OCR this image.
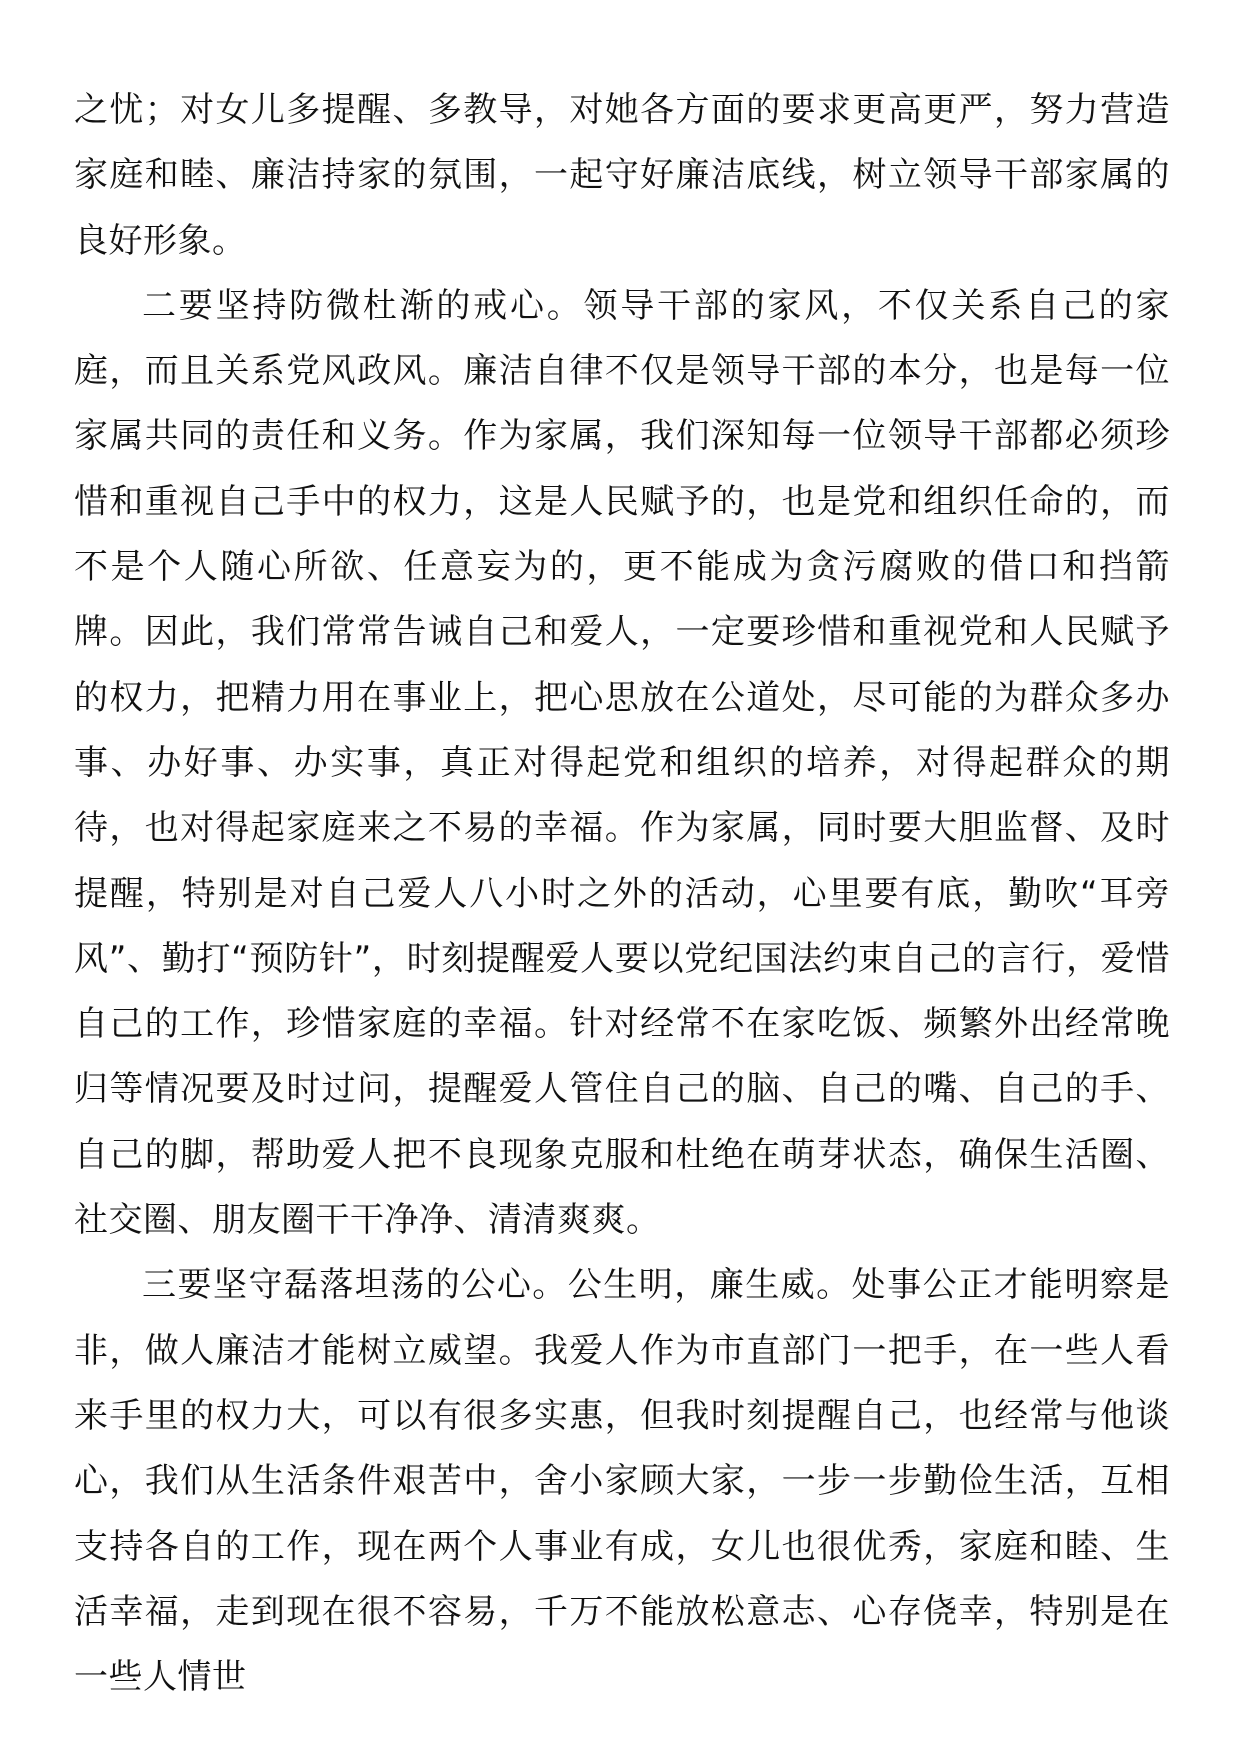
之忧；对女儿多提醒、多教导，对她各方面的要求更高更严，努力营造家庭和睦、廉洁持家的氛围，一起守好廉洁底线，树立领导干部家属的良好形象。

二要坚持防微杜渐的戒心。领导干部的家风，不仅关系自己的家庭，而且关系党风政风。廉洁自律不仅是领导干部的本分，也是每一位家属共同的责任和义务。作为家属，我们深知每一位领导干部都必须珍惜和重视自己手中的权力，这是人民赋予的，也是党和组织任命的，而不是个人随心所欲、任意妄为的，更不能成为贪污腐败的借口和挡箭牌。因此，我们常常告诫自己和爱人，一定要珍惜和重视党和人民赋予的权力，把精力用在事业上，把心思放在公道处，尽可能的为群众多办事、办好事、办实事，真正对得起党和组织的培养，对得起群众的期待，也对得起家庭来之不易的幸福。作为家属，同时要大胆监督、及时提醒，特别是对自己爱人八小时之外的活动，心里要有底，勤吹“耳旁风”、勤打“预防针”，时刻提醒爱人要以党纪国法约束自己的言行，爱惜自己的工作，珍惜家庭的幸福。针对经常不在家吃饭、频繁外出经常晚归等情况要及时过问，提醒爱人管住自己的脑、自己的嘴、自己的手、自己的脚，帮助爱人把不良现象克服和杜绝在萌芽状态，确保生活圈、社交圈、朋友圈干干净净、清清爽爽。

三要坚守磊落坦荡的公心。公生明，廉生威。处事公正才能明察是非，做人廉洁才能树立威望。我爱人作为市直部门一把手，在一些人看来手里的权力大，可以有很多实惠，但我时刻提醒自己，也经常与他谈心，我们从生活条件艰苦中，舍小家顾大家，一步一步勤俭生活，互相支持各自的工作，现在两个人事业有成，女儿也很优秀，家庭和睦、生活幸福，走到现在很不容易，千万不能放松意志、心存侥幸，特别是在一些人情世
